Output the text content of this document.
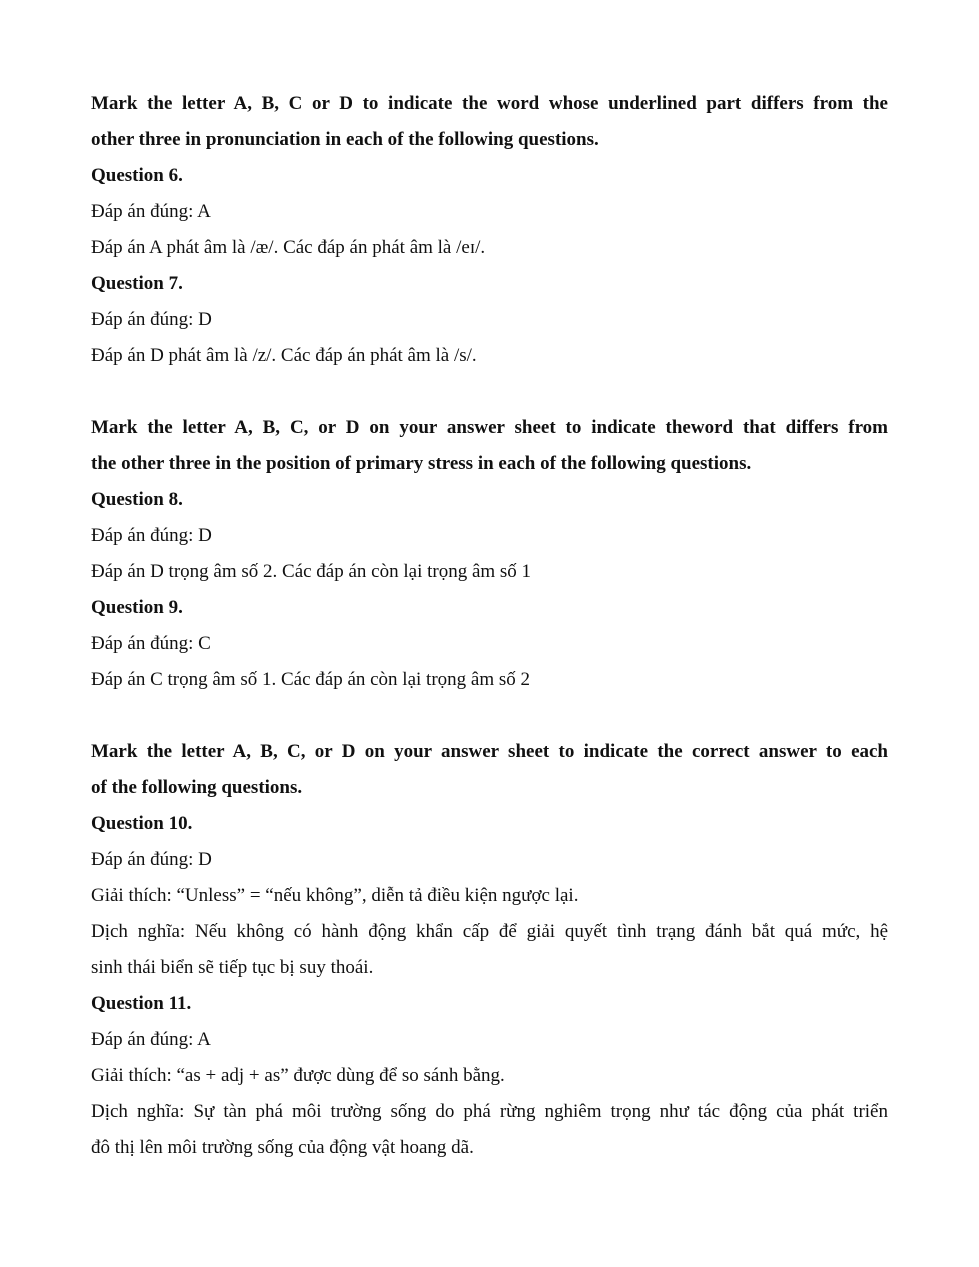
Mark the letter A, B, C or D to indicate the word whose underlined part differs from the

other three in pronunciation in each of the following questions.

Question 6.

Đáp án đúng: A

Đáp án A phát âm là /æ/. Các đáp án phát âm là /eɪ/.

Question 7.

Đáp án đúng: D

Đáp án D phát âm là /z/. Các đáp án phát âm là /s/.

Mark the letter A, B, C, or D on your answer sheet to indicate theword that differs from

the other three in the position of primary stress in each of the following questions.

Question 8.

Đáp án đúng: D

Đáp án D trọng âm số 2. Các đáp án còn lại trọng âm số 1

Question 9.

Đáp án đúng: C

Đáp án C trọng âm số 1. Các đáp án còn lại trọng âm số 2

Mark the letter A, B, C, or D on your answer sheet to indicate the correct answer to each

of the following questions.

Question 10.

Đáp án đúng: D

Giải thích: “Unless” = “nếu không”, diễn tả điều kiện ngược lại.

Dịch nghĩa: Nếu không có hành động khẩn cấp để giải quyết tình trạng đánh bắt quá mức, hệ

sinh thái biển sẽ tiếp tục bị suy thoái.

Question 11.

Đáp án đúng: A

Giải thích: “as + adj + as” được dùng để so sánh bằng.

Dịch nghĩa: Sự tàn phá môi trường sống do phá rừng nghiêm trọng như tác động của phát triển

đô thị lên môi trường sống của động vật hoang dã.
